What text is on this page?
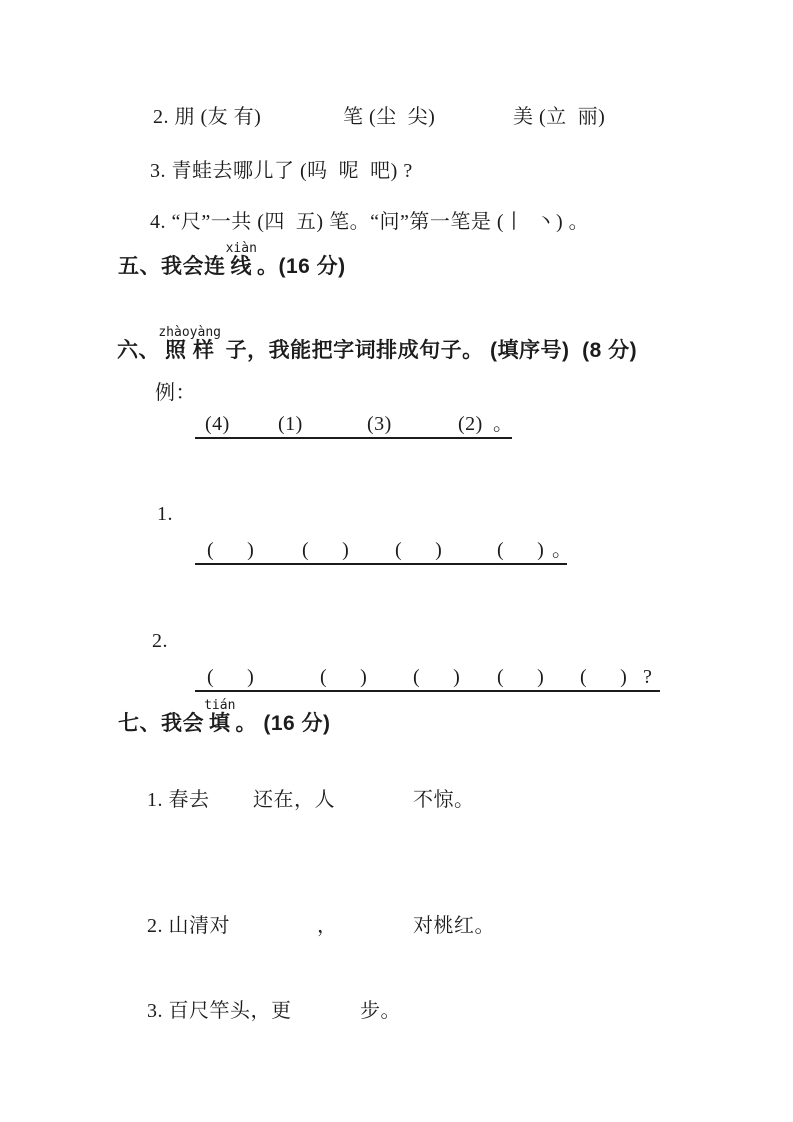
2. 朋 (友 有)	笔 (尘  尖)	美 (立  丽)
3. 青蛙去哪儿了 (吗  呢  吧) ?
4. “尺”一共 (四  五) 笔。“问”第一笔是 (丨  丶) 。
五、我会连
xiàn
线 。(16 分)
六、
zhàoyàng
照 样 子，我能把字词排成句子。 (填序号)  (8 分)
例：
(4) (1)	(3)	(2) 。
1.
(      ) (      ) (      )	(      ) 。
2.
(      )	(      ) (      ) (      ) (      ) ?
七、我会
tián
填 。 (16 分)
1. 春去 还在，人	不惊。
2. 山清对	，	对桃红。
3. 百尺竿头，更	步。
